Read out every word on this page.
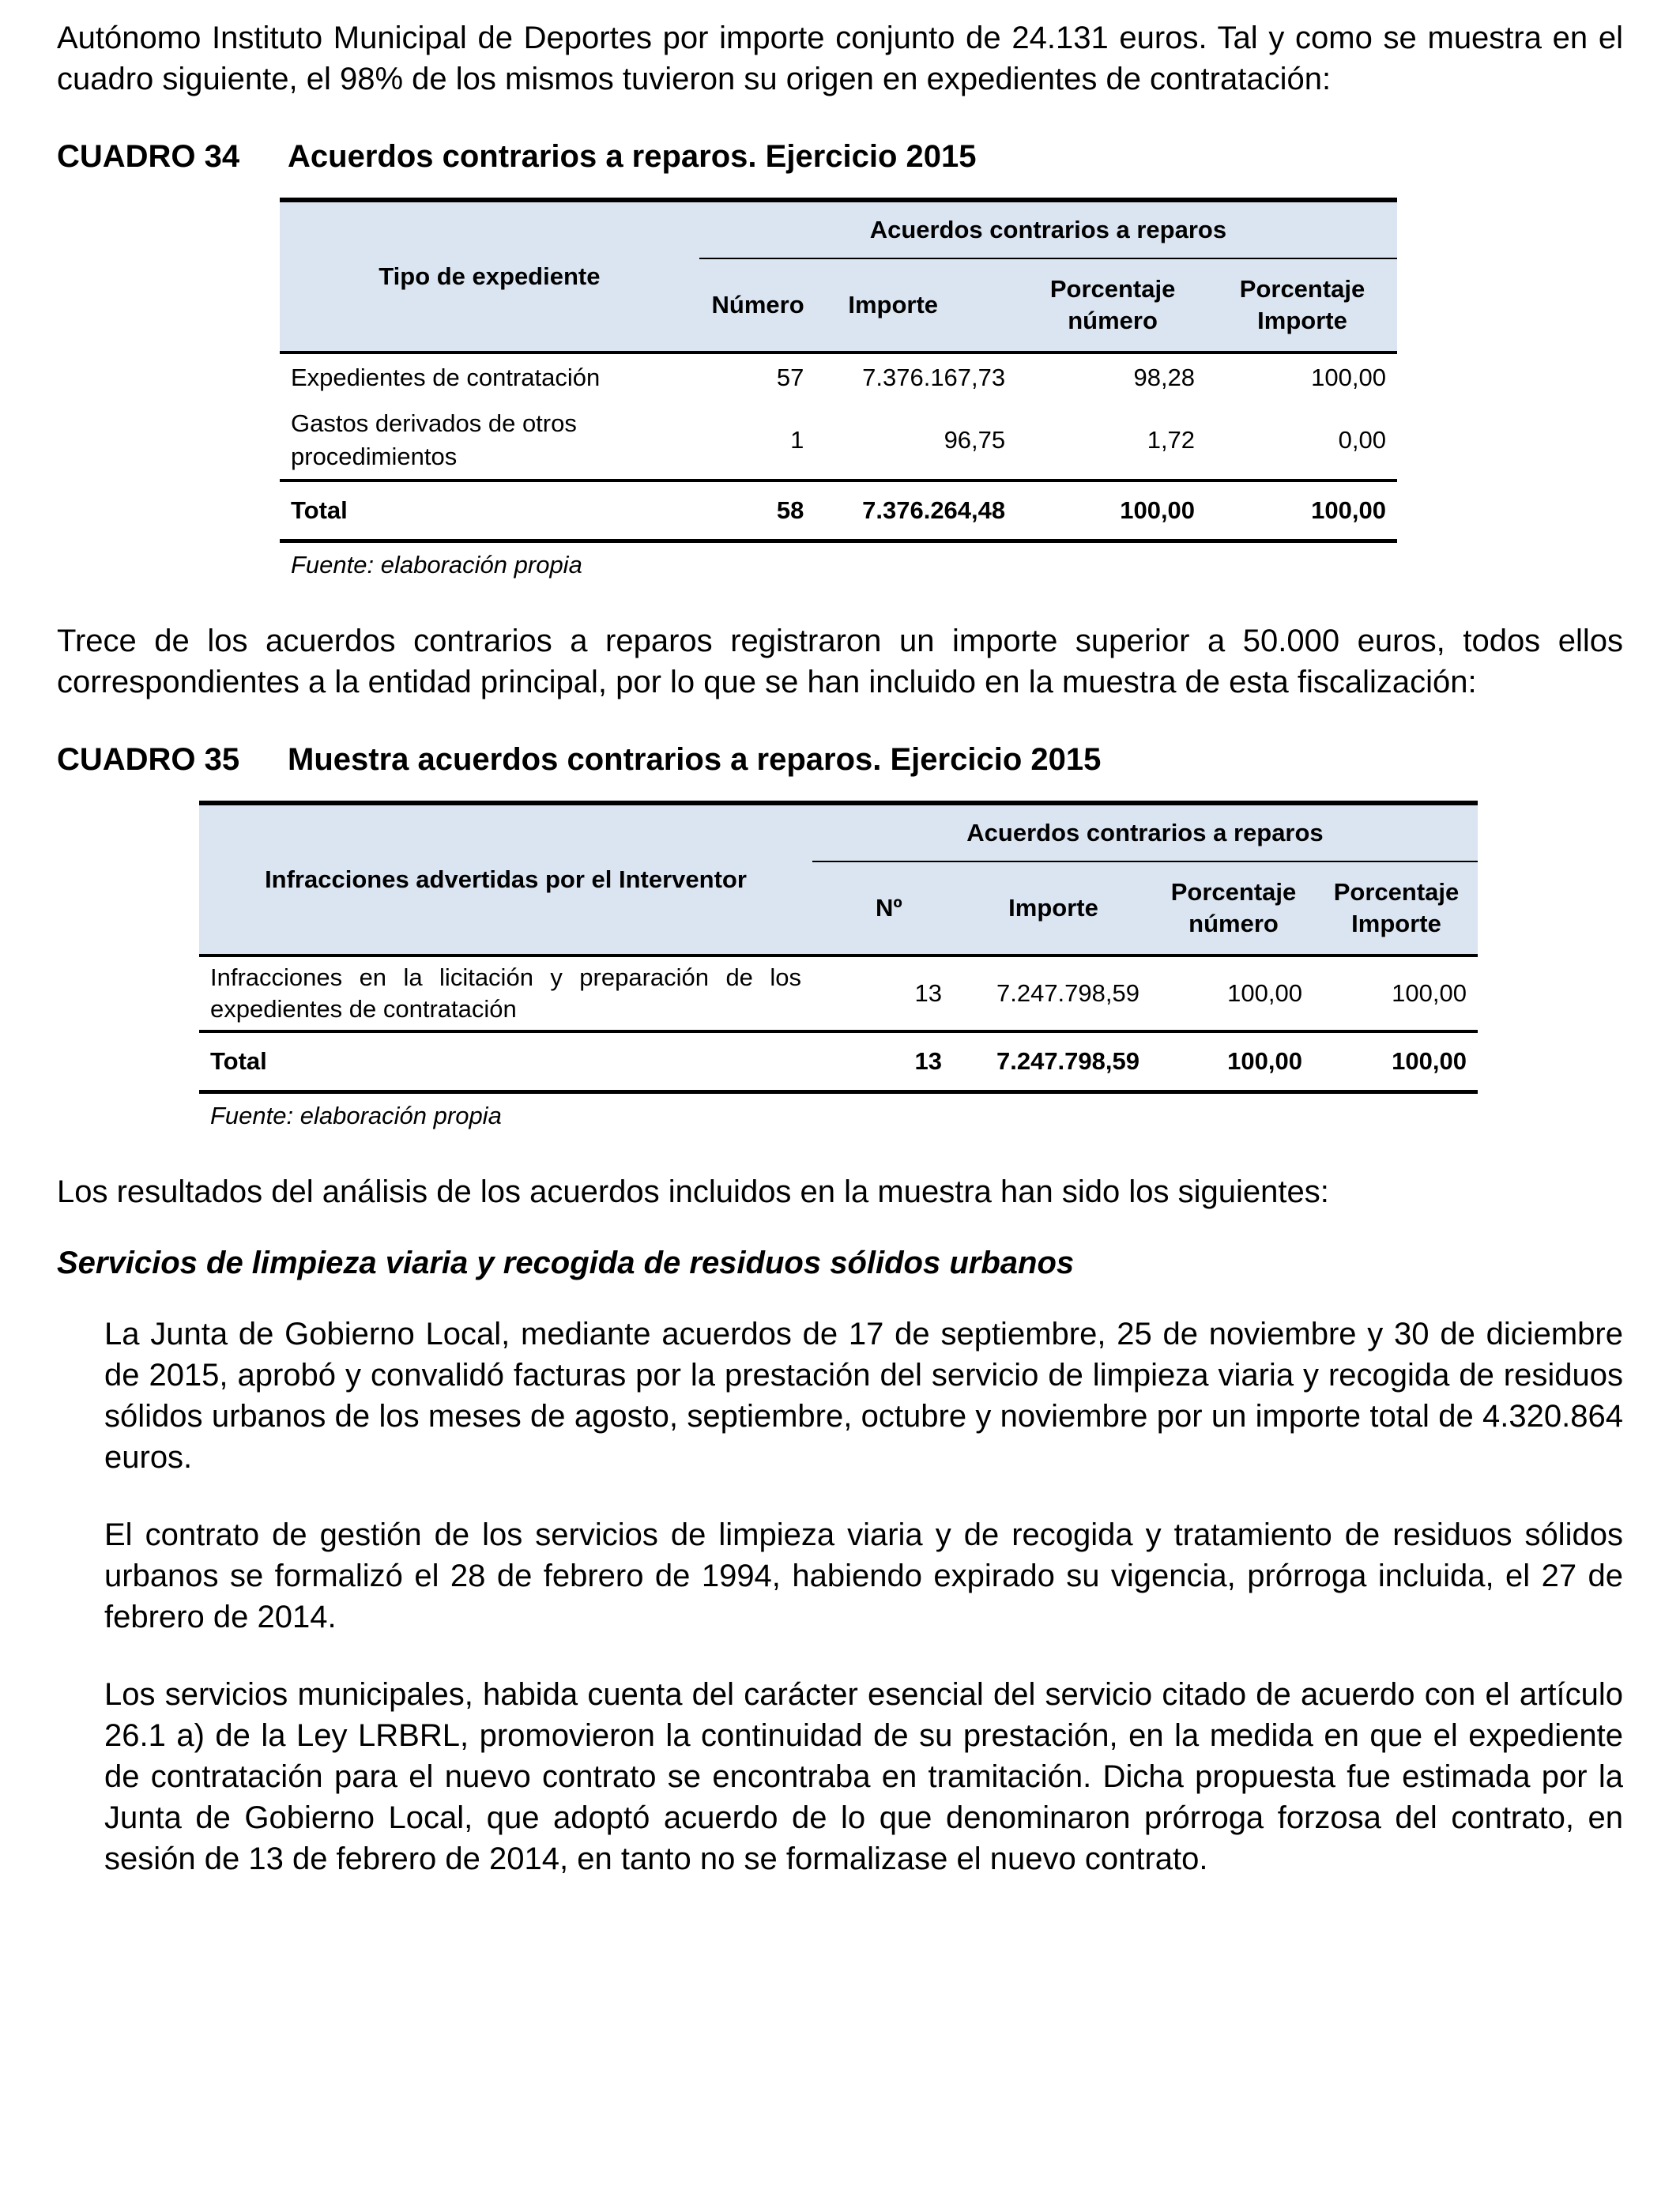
Autónomo Instituto Municipal de Deportes por importe conjunto de 24.131 euros. Tal y como se muestra en el cuadro siguiente, el 98% de los mismos tuvieron su origen en expedientes de contratación:

CUADRO 34 Acuerdos contrarios a reparos. Ejercicio 2015

Tipo de expediente	Acuerdos contrarios a reparos			
	Número	Importe	Porcentaje número	Porcentaje Importe
Expedientes de contratación	57	7.376.167,73	98,28	100,00
Gastos derivados de otros procedimientos	1	96,75	1,72	0,00
Total	58	7.376.264,48	100,00	100,00

Fuente: elaboración propia

Trece de los acuerdos contrarios a reparos registraron un importe superior a 50.000 euros, todos ellos correspondientes a la entidad principal, por lo que se han incluido en la muestra de esta fiscalización:

CUADRO 35 Muestra acuerdos contrarios a reparos. Ejercicio 2015

Infracciones advertidas por el Interventor	Acuerdos contrarios a reparos			
	Nº	Importe	Porcentaje número	Porcentaje Importe
Infracciones en la licitación y preparación de los expedientes de contratación	13	7.247.798,59	100,00	100,00
Total	13	7.247.798,59	100,00	100,00

Fuente: elaboración propia

Los resultados del análisis de los acuerdos incluidos en la muestra han sido los siguientes:

Servicios de limpieza viaria y recogida de residuos sólidos urbanos

La Junta de Gobierno Local, mediante acuerdos de 17 de septiembre, 25 de noviembre y 30 de diciembre de 2015, aprobó y convalidó facturas por la prestación del servicio de limpieza viaria y recogida de residuos sólidos urbanos de los meses de agosto, septiembre, octubre y noviembre por un importe total de 4.320.864 euros.

El contrato de gestión de los servicios de limpieza viaria y de recogida y tratamiento de residuos sólidos urbanos se formalizó el 28 de febrero de 1994, habiendo expirado su vigencia, prórroga incluida, el 27 de febrero de 2014.

Los servicios municipales, habida cuenta del carácter esencial del servicio citado de acuerdo con el artículo 26.1 a) de la Ley LRBRL, promovieron la continuidad de su prestación, en la medida en que el expediente de contratación para el nuevo contrato se encontraba en tramitación. Dicha propuesta fue estimada por la Junta de Gobierno Local, que adoptó acuerdo de lo que denominaron prórroga forzosa del contrato, en sesión de 13 de febrero de 2014, en tanto no se formalizase el nuevo contrato.
